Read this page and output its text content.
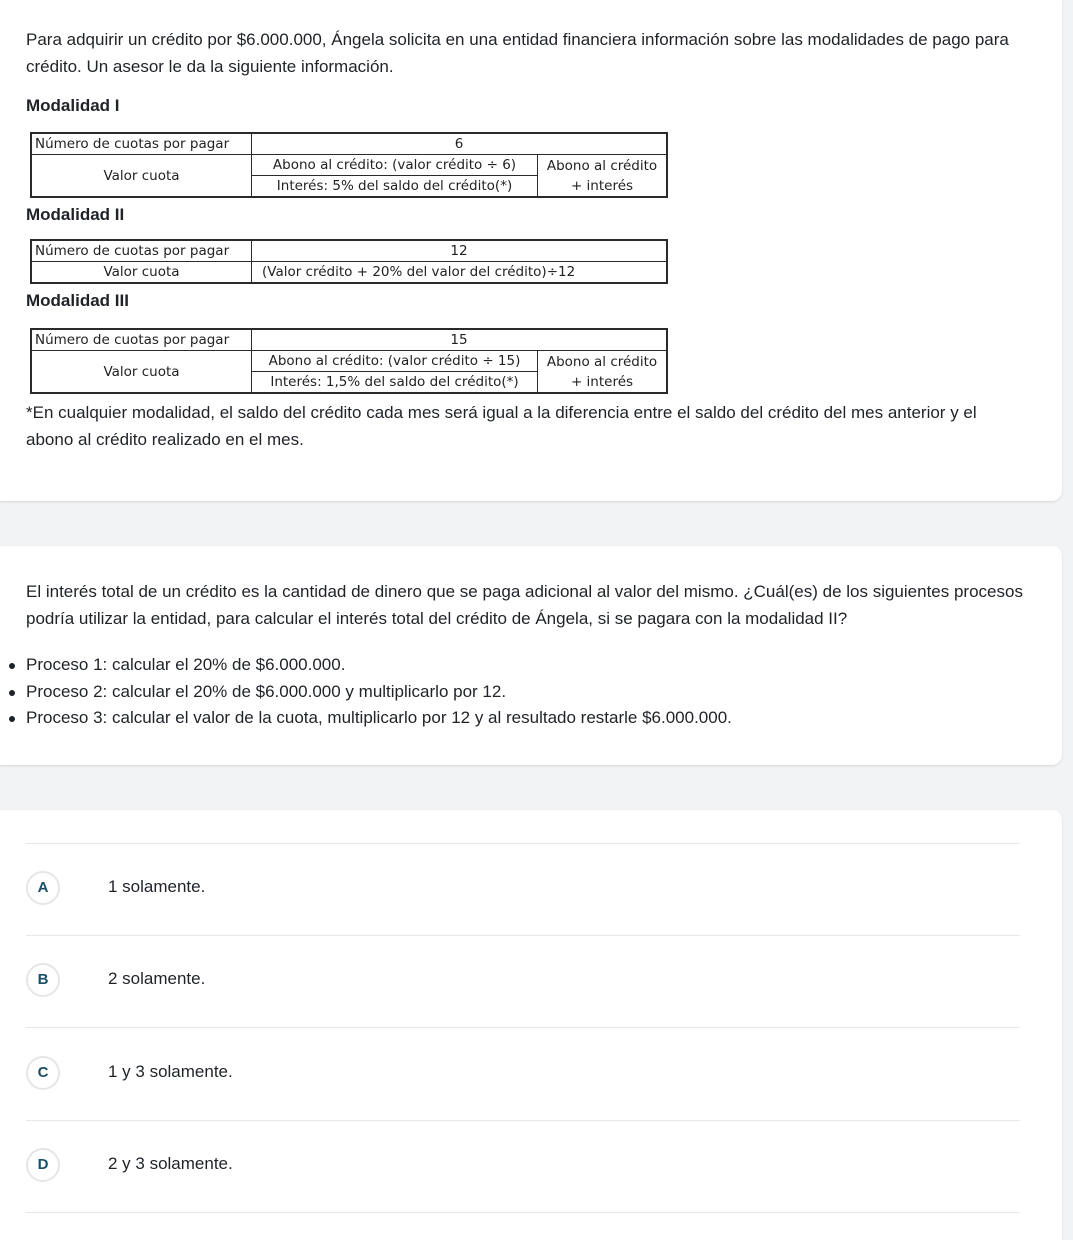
Para adquirir un crédito por $6.000.000, Ángela solicita en una entidad financiera información sobre las modalidades de pago para crédito. Un asesor le da la siguiente información.

Modalidad I
Número de cuotas por pagar	6	
Valor cuota	Abono al crédito: (valor crédito ÷ 6)	Abono al crédito + interés
	Interés: 5% del saldo del crédito(*)	
Modalidad II
Número de cuotas por pagar	12
Valor cuota	(Valor crédito + 20% del valor del crédito)÷12
Modalidad III
Número de cuotas por pagar	15	
Valor cuota	Abono al crédito: (valor crédito ÷ 15)	Abono al crédito + interés
	Interés: 1,5% del saldo del crédito(*)	

*En cualquier modalidad, el saldo del crédito cada mes será igual a la diferencia entre el saldo del crédito del mes anterior y el abono al crédito realizado en el mes.

El interés total de un crédito es la cantidad de dinero que se paga adicional al valor del mismo. ¿Cuál(es) de los siguientes procesos podría utilizar la entidad, para calcular el interés total del crédito de Ángela, si se pagara con la modalidad II?

Proceso 1: calcular el 20% de $6.000.000.
Proceso 2: calcular el 20% de $6.000.000 y multiplicarlo por 12.
Proceso 3: calcular el valor de la cuota, multiplicarlo por 12 y al resultado restarle $6.000.000.
A	1 solamente.
B	2 solamente.
C	1 y 3 solamente.
D	2 y 3 solamente.
